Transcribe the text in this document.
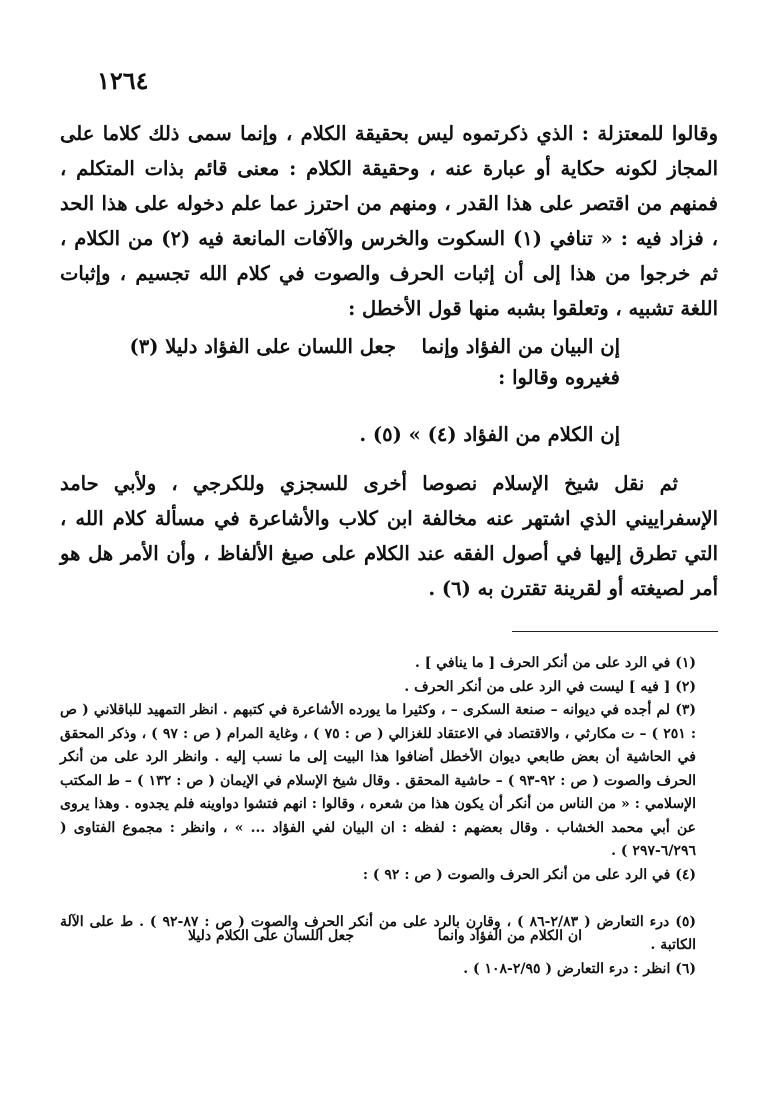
١٢٦٤

وقالوا للمعتزلة : الذي ذكرتموه ليس بحقيقة الكلام ، وإنما سمى ذلك كلاما على المجاز لكونه حكاية أو عبارة عنه ، وحقيقة الكلام : معنى قائم بذات المتكلم ، فمنهم من اقتصر على هذا القدر ، ومنهم من احترز عما علم دخوله على هذا الحد ، فزاد فيه : « تنافي (١) السكوت والخرس والآفات المانعة فيه (٢) من الكلام ، ثم خرجوا من هذا إلى أن إثبات الحرف والصوت في كلام الله تجسيم ، وإثبات اللغة تشبيه ، وتعلقوا بشبه منها قول الأخطل :

إن البيان من الفؤاد وإنما
جعل اللسان على الفؤاد دليلا (٣)
فغيروه وقالوا :
إن الكلام من الفؤاد (٤) » (٥) .

ثم نقل شيخ الإسلام نصوصا أخرى للسجزي وللكرجي ، ولأبي حامد الإسفراييني الذي اشتهر عنه مخالفة ابن كلاب والأشاعرة في مسألة كلام الله ، التي تطرق إليها في أصول الفقه عند الكلام على صيغ الألفاظ ، وأن الأمر هل هو أمر لصيغته أو لقرينة تقترن به (٦) .

(١) في الرد على من أنكر الحرف [ ما ينافي ] .

(٢) [ فيه ] ليست في الرد على من أنكر الحرف .

(٣) لم أجده في ديوانه – صنعة السكرى – ، وكثيرا ما يورده الأشاعرة في كتبهم . انظر التمهيد للباقلاني ( ص : ٢٥١ ) – ت مكارثي ، والاقتصاد في الاعتقاد للغزالي ( ص : ٧٥ ) ، وغاية المرام ( ص : ٩٧ ) ، وذكر المحقق في الحاشية أن بعض طابعي ديوان الأخطل أضافوا هذا البيت إلى ما نسب إليه . وانظر الرد على من أنكر الحرف والصوت ( ص : ٩٢-٩٣ ) – حاشية المحقق . وقال شيخ الإسلام في الإيمان ( ص : ١٣٢ ) – ط المكتب الإسلامي : « من الناس من أنكر أن يكون هذا من شعره ، وقالوا : انهم فتشوا دواوينه فلم يجدوه . وهذا يروى عن أبي محمد الخشاب . وقال بعضهم : لفظه : ان البيان لفي الفؤاد ... » ، وانظر : مجموع الفتاوى ( ٦/٢٩٦-٢٩٧ ) .

(٤) في الرد على من أنكر الحرف والصوت ( ص : ٩٢ ) :

(٥) درء التعارض ( ٢/٨٣-٨٦ ) ، وقارن بالرد على من أنكر الحرف والصوت ( ص : ٨٧-٩٢ ) . ط على الآلة الكاتبة .

(٦) انظر : درء التعارض ( ٢/٩٥-١٠٨ ) .

ان الكلام من الفؤاد وانما
جعل اللسان على الكلام دليلا
